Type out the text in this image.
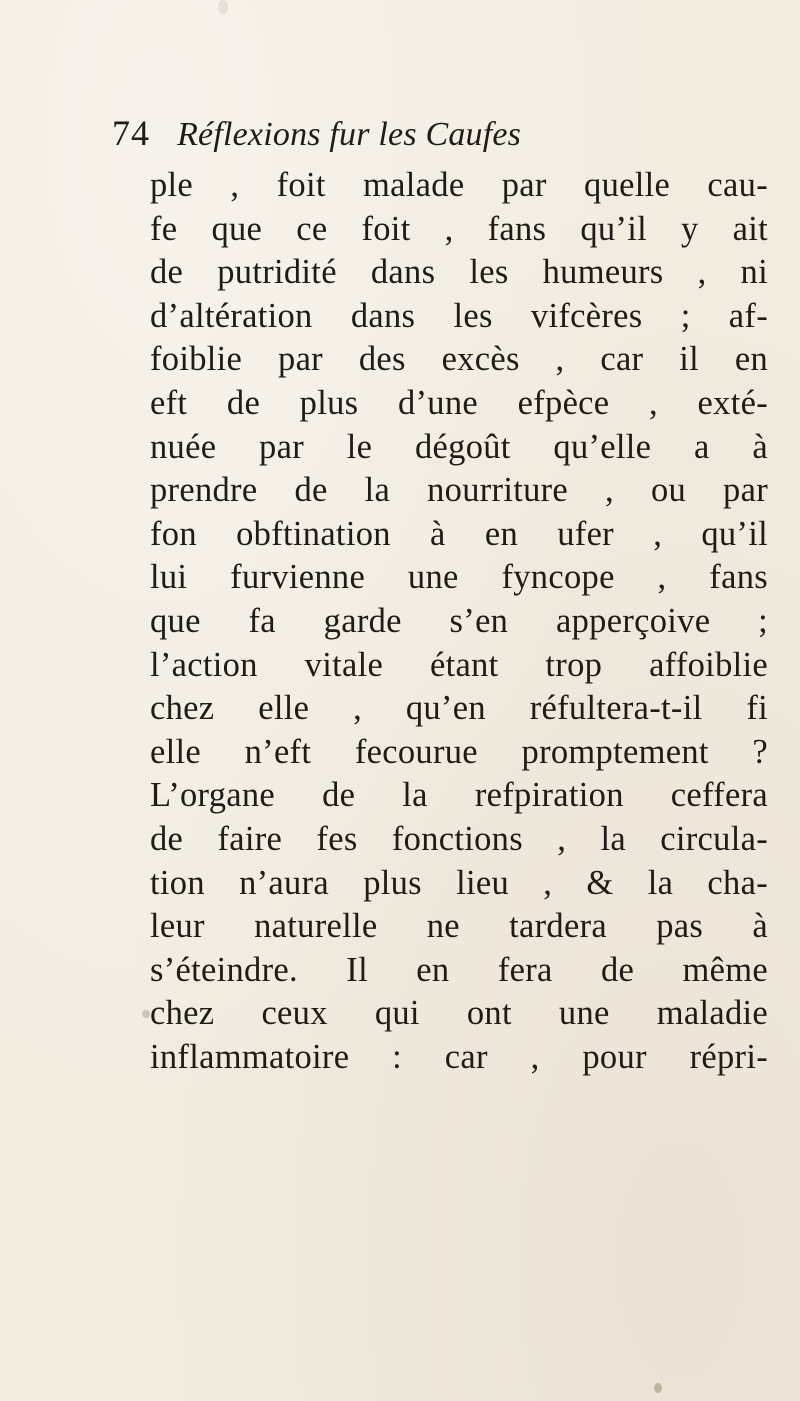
74 Réflexions fur les Caufes
ple , foit malade par quelle cau-
fe que ce foit , fans qu’il y ait
de putridité dans les humeurs , ni
d’altération dans les vifcères ; af-
foiblie par des excès , car il en
eft de plus d’une efpèce , exté-
nuée par le dégoût qu’elle a à
prendre de la nourriture , ou par
fon obftination à en ufer , qu’il
lui furvienne une fyncope , fans
que fa garde s’en apperçoive ;
l’action vitale étant trop affoiblie
chez elle , qu’en réfultera-t-il fi
elle n’eft fecourue promptement ?
L’organe de la refpiration ceffera
de faire fes fonctions , la circula-
tion n’aura plus lieu , & la cha-
leur naturelle ne tardera pas à
s’éteindre. Il en fera de même
chez ceux qui ont une maladie
inflammatoire : car , pour répri-
